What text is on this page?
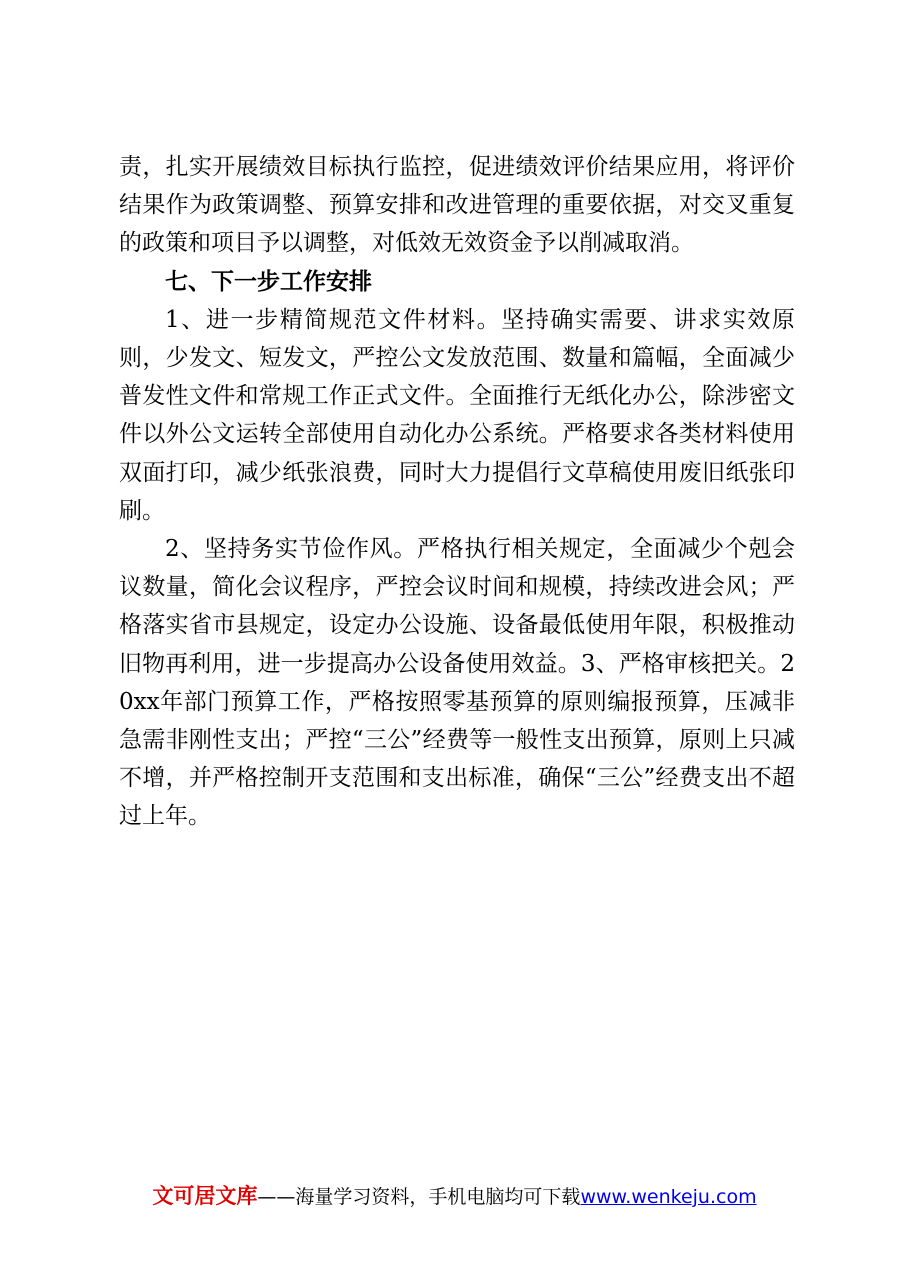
责，扎实开展绩效目标执行监控，促进绩效评价结果应用，将评价结果作为政策调整、预算安排和改进管理的重要依据，对交叉重复的政策和项目予以调整，对低效无效资金予以削减取消。

七、下一步工作安排

1、进一步精简规范文件材料。坚持确实需要、讲求实效原则，少发文、短发文，严控公文发放范围、数量和篇幅，全面减少普发性文件和常规工作正式文件。全面推行无纸化办公，除涉密文件以外公文运转全部使用自动化办公系统。严格要求各类材料使用双面打印，减少纸张浪费，同时大力提倡行文草稿使用废旧纸张印刷。

2、坚持务实节俭作风。严格执行相关规定，全面减少个剋会议数量，简化会议程序，严控会议时间和规模，持续改进会风；严格落实省市县规定，设定办公设施、设备最低使用年限，积极推动旧物再利用，进一步提高办公设备使用效益。3、严格审核把关。20xx年部门预算工作，严格按照零基预算的原则编报预算，压减非急需非刚性支出；严控“三公”经费等一般性支出预算，原则上只减不增，并严格控制开支范围和支出标准，确保“三公”经费支出不超过上年。

文可居文库——海量学习资料，手机电脑均可下载www.wenkeju.com
